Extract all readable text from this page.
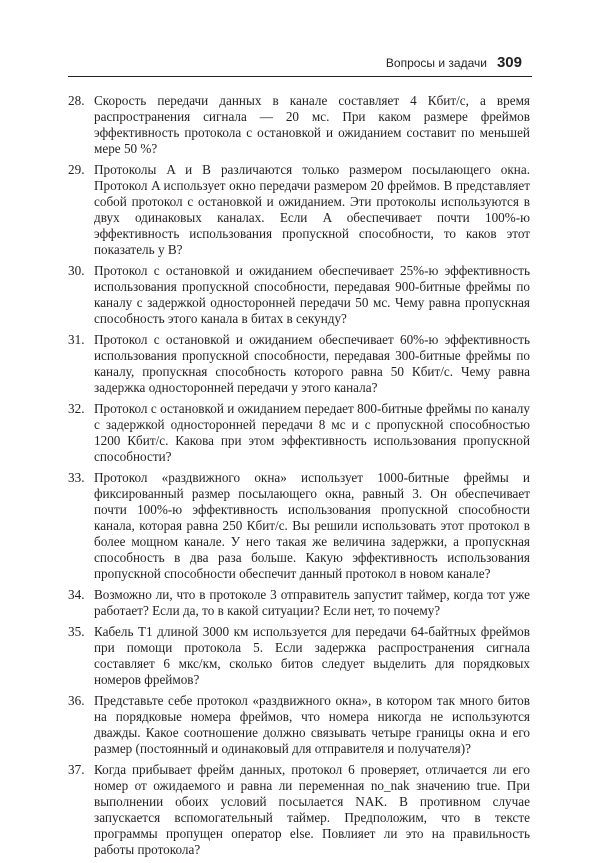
Вопросы и задачи 309
28. Скорость передачи данных в канале составляет 4 Кбит/с, а время распространения сигнала — 20 мс. При каком размере фреймов эффективность протокола с остановкой и ожиданием составит по меньшей мере 50 %?
29. Протоколы A и B различаются только размером посылающего окна. Протокол A использует окно передачи размером 20 фреймов. B представляет собой протокол с остановкой и ожиданием. Эти протоколы используются в двух одинаковых каналах. Если A обеспечивает почти 100%-ю эффективность использования пропускной способности, то каков этот показатель у B?
30. Протокол с остановкой и ожиданием обеспечивает 25%-ю эффективность использования пропускной способности, передавая 900-битные фреймы по каналу с задержкой односторонней передачи 50 мс. Чему равна пропускная способность этого канала в битах в секунду?
31. Протокол с остановкой и ожиданием обеспечивает 60%-ю эффективность использования пропускной способности, передавая 300-битные фреймы по каналу, пропускная способность которого равна 50 Кбит/с. Чему равна задержка односторонней передачи у этого канала?
32. Протокол с остановкой и ожиданием передает 800-битные фреймы по каналу с задержкой односторонней передачи 8 мс и с пропускной способностью 1200 Кбит/с. Какова при этом эффективность использования пропускной способности?
33. Протокол «раздвижного окна» использует 1000-битные фреймы и фиксированный размер посылающего окна, равный 3. Он обеспечивает почти 100%-ю эффективность использования пропускной способности канала, которая равна 250 Кбит/с. Вы решили использовать этот протокол в более мощном канале. У него такая же величина задержки, а пропускная способность в два раза больше. Какую эффективность использования пропускной способности обеспечит данный протокол в новом канале?
34. Возможно ли, что в протоколе 3 отправитель запустит таймер, когда тот уже работает? Если да, то в какой ситуации? Если нет, то почему?
35. Кабель T1 длиной 3000 км используется для передачи 64-байтных фреймов при помощи протокола 5. Если задержка распространения сигнала составляет 6 мкс/км, сколько битов следует выделить для порядковых номеров фреймов?
36. Представьте себе протокол «раздвижного окна», в котором так много битов на порядковые номера фреймов, что номера никогда не используются дважды. Какое соотношение должно связывать четыре границы окна и его размер (постоянный и одинаковый для отправителя и получателя)?
37. Когда прибывает фрейм данных, протокол 6 проверяет, отличается ли его номер от ожидаемого и равна ли переменная no_nak значению true. При выполнении обоих условий посылается NAK. В противном случае запускается вспомогательный таймер. Предположим, что в тексте программы пропущен оператор else. Повлияет ли это на правильность работы протокола?
